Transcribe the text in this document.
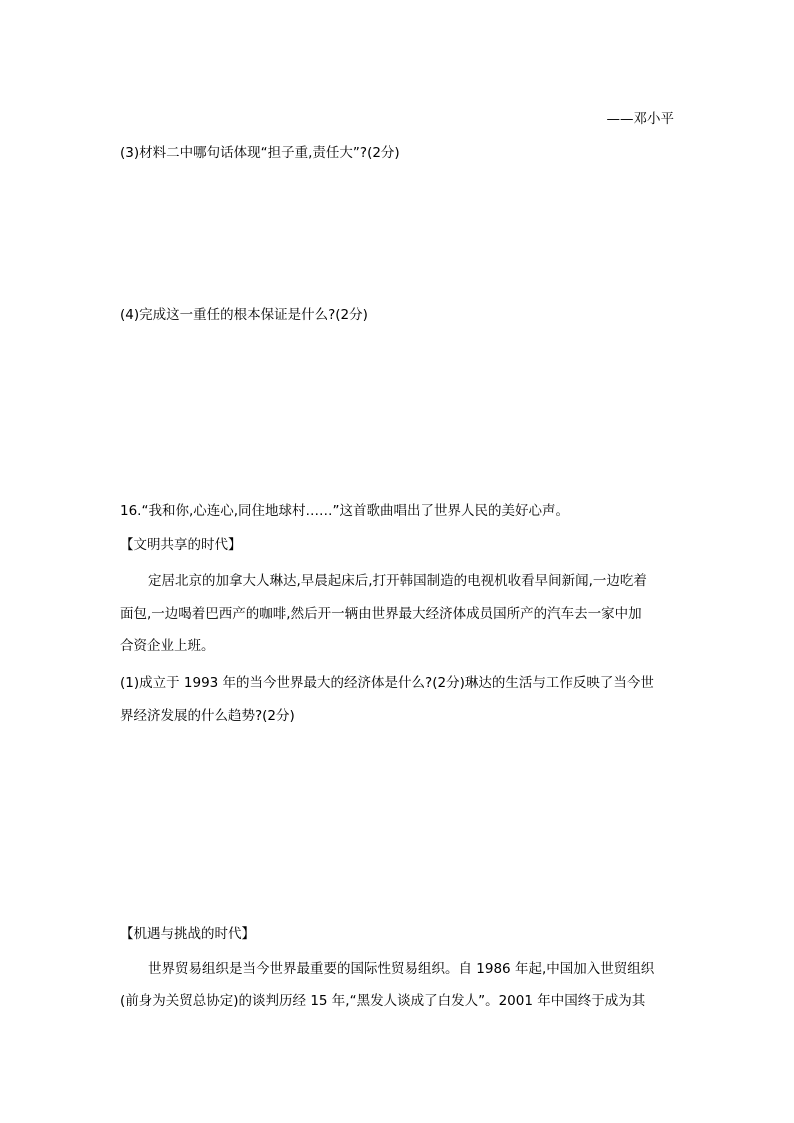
——邓小平
(3)材料二中哪句话体现“担子重,责任大”?(2分)
(4)完成这一重任的根本保证是什么?(2分)
16.“我和你,心连心,同住地球村……”这首歌曲唱出了世界人民的美好心声。
【文明共享的时代】
定居北京的加拿大人琳达,早晨起床后,打开韩国制造的电视机收看早间新闻,一边吃着
面包,一边喝着巴西产的咖啡,然后开一辆由世界最大经济体成员国所产的汽车去一家中加
合资企业上班。
(1)成立于 1993 年的当今世界最大的经济体是什么?(2分)琳达的生活与工作反映了当今世
界经济发展的什么趋势?(2分)
【机遇与挑战的时代】
世界贸易组织是当今世界最重要的国际性贸易组织。自 1986 年起,中国加入世贸组织
(前身为关贸总协定)的谈判历经 15 年,“黑发人谈成了白发人”。2001 年中国终于成为其
